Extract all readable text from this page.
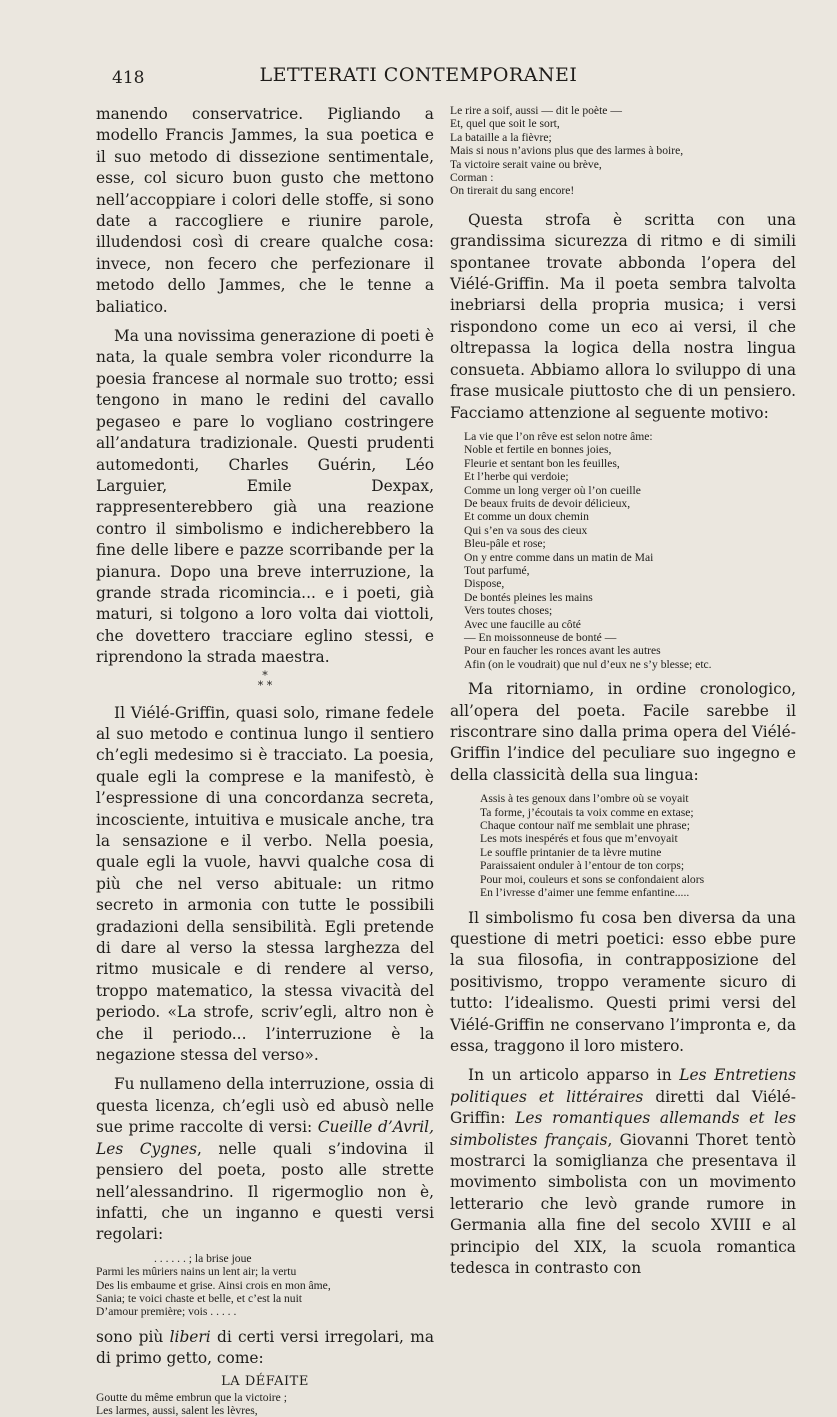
418	LETTERATI CONTEMPORANEI

manendo conservatrice. Pigliando a modello Francis Jammes, la sua poetica e il suo metodo di dissezione sentimentale, esse, col sicuro buon gusto che mettono nell’accoppiare i colori delle stoffe, si sono date a raccogliere e riunire parole, illudendosi così di creare qualche cosa: invece, non fecero che perfezionare il metodo dello Jammes, che le tenne a baliatico.

Ma una novissima generazione di poeti è nata, la quale sembra voler ricondurre la poesia francese al normale suo trotto; essi tengono in mano le redini del cavallo pegaseo e pare lo vogliano costringere all’andatura tradizionale. Questi prudenti automedonti, Charles Guérin, Léo Larguier, Emile Dexpax, rappresenterebbero già una reazione contro il simbolismo e indicherebbero la fine delle libere e pazze scorribande per la pianura. Dopo una breve interruzione, la grande strada ricomincia... e i poeti, già maturi, si tolgono a loro volta dai viottoli, che dovettero tracciare eglino stessi, e riprendono la strada maestra.

*
* *

Il Viélé-Griffin, quasi solo, rimane fedele al suo metodo e continua lungo il sentiero ch’egli medesimo si è tracciato. La poesia, quale egli la comprese e la manifestò, è l’espressione di una concordanza secreta, incosciente, intuitiva e musicale anche, tra la sensazione e il verbo. Nella poesia, quale egli la vuole, havvi qualche cosa di più che nel verso abituale: un ritmo secreto in armonia con tutte le possibili gradazioni della sensibilità. Egli pretende di dare al verso la stessa larghezza del ritmo musicale e di rendere al verso, troppo matematico, la stessa vivacità del periodo. «La strofe, scriv’egli, altro non è che il periodo... l’interruzione è la negazione stessa del verso».

Fu nullameno della interruzione, ossia di questa licenza, ch’egli usò ed abusò nelle sue prime raccolte di versi: Cueille d’Avril, Les Cygnes, nelle quali s’indovina il pensiero del poeta, posto alle strette nell’alessandrino. Il rigermoglio non è, infatti, che un inganno e questi versi regolari:

. . . . . . ; la brise joue
Parmi les mûriers nains un lent air; la vertu
Des lis embaume et grise. Ainsi crois en mon âme,
Sania; te voici chaste et belle, et c’est la nuit
D’amour première; vois . . . . .

sono più liberi di certi versi irregolari, ma di primo getto, come:

LA DÉFAITE
Goutte du même embrun que la victoire ;
Les larmes, aussi, salent les lèvres,
Le rire a soif, aussi — dit le poète —
Et, quel que soit le sort,
La bataille a la fièvre;
Mais si nous n’avions plus que des larmes à boire,
Ta victoire serait vaine ou brève,
Corman :
On tirerait du sang encore!

Questa strofa è scritta con una grandissima sicurezza di ritmo e di simili spontanee trovate abbonda l’opera del Viélé-Griffin. Ma il poeta sembra talvolta inebriarsi della propria musica; i versi rispondono come un eco ai versi, il che oltrepassa la logica della nostra lingua consueta. Abbiamo allora lo sviluppo di una frase musicale piuttosto che di un pensiero. Facciamo attenzione al seguente motivo:

La vie que l’on rêve est selon notre âme:
Noble et fertile en bonnes joies,
Fleurie et sentant bon les feuilles,
Et l’herbe qui verdoie;
Comme un long verger où l’on cueille
De beaux fruits de devoir délicieux,
Et comme un doux chemin
Qui s’en va sous des cieux
Bleu-pâle et rose;
On y entre comme dans un matin de Mai
Tout parfumé,
Dispose,
De bontés pleines les mains
Vers toutes choses;
Avec une faucille au côté
— En moissonneuse de bonté —
Pour en faucher les ronces avant les autres
Afin (on le voudrait) que nul d’eux ne s’y blesse; etc.

Ma ritorniamo, in ordine cronologico, all’opera del poeta. Facile sarebbe il riscontrare sino dalla prima opera del Viélé-Griffin l’indice del peculiare suo ingegno e della classicità della sua lingua:

Assis à tes genoux dans l’ombre où se voyait
Ta forme, j’écoutais ta voix comme en extase;
Chaque contour naïf me semblait une phrase;
Les mots inespérés et fous que m’envoyait
Le souffle printanier de ta lèvre mutine
Paraissaient onduler à l’entour de ton corps;
Pour moi, couleurs et sons se confondaient alors
En l’ivresse d’aimer une femme enfantine.....

Il simbolismo fu cosa ben diversa da una questione di metri poetici: esso ebbe pure la sua filosofia, in contrapposizione del positivismo, troppo veramente sicuro di tutto: l’idealismo. Questi primi versi del Viélé-Griffin ne conservano l’impronta e, da essa, traggono il loro mistero.

In un articolo apparso in Les Entretiens politiques et littéraires diretti dal Viélé-Griffin: Les romantiques allemands et les simbolistes français, Giovanni Thoret tentò mostrarci la somiglianza che presentava il movimento simbolista con un movimento letterario che levò grande rumore in Germania alla fine del secolo XVIII e al principio del XIX, la scuola romantica tedesca in contrasto con
